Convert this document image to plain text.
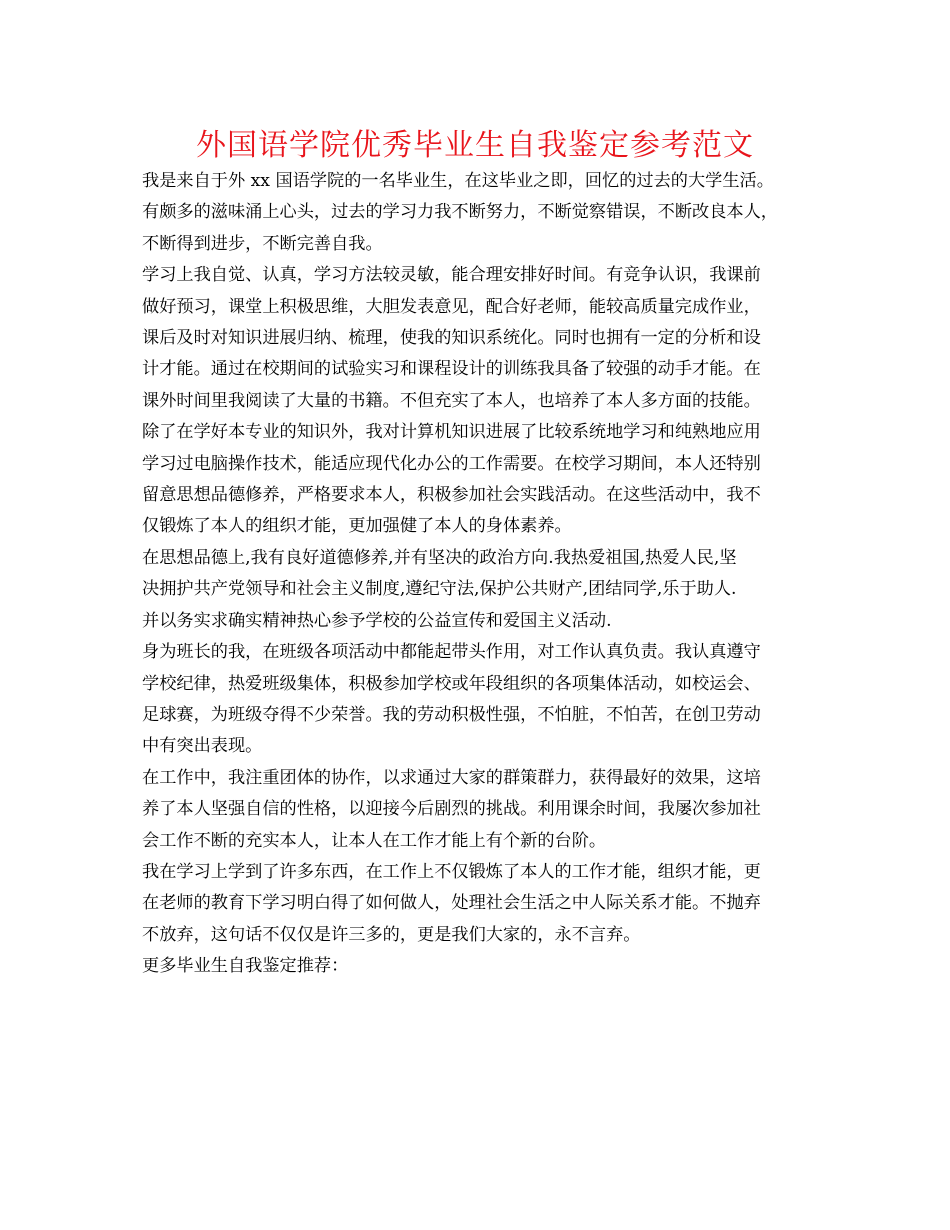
外国语学院优秀毕业生自我鉴定参考范文

我是来自于外 xx 国语学院的一名毕业生，在这毕业之即，回忆的过去的大学生活。
有颇多的滋味涌上心头，过去的学习力我不断努力，不断觉察错误，不断改良本人，
不断得到进步，不断完善自我。

学习上我自觉、认真，学习方法较灵敏，能合理安排好时间。有竞争认识，我课前
做好预习，课堂上积极思维，大胆发表意见，配合好老师，能较高质量完成作业，
课后及时对知识进展归纳、梳理，使我的知识系统化。同时也拥有一定的分析和设
计才能。通过在校期间的试验实习和课程设计的训练我具备了较强的动手才能。在
课外时间里我阅读了大量的书籍。不但充实了本人，也培养了本人多方面的技能。
除了在学好本专业的知识外，我对计算机知识进展了比较系统地学习和纯熟地应用
学习过电脑操作技术，能适应现代化办公的工作需要。在校学习期间，本人还特别
留意思想品德修养，严格要求本人，积极参加社会实践活动。在这些活动中，我不
仅锻炼了本人的组织才能，更加强健了本人的身体素养。

在思想品德上,我有良好道德修养,并有坚决的政治方向.我热爱祖国,热爱人民,坚
决拥护共产党领导和社会主义制度,遵纪守法,保护公共财产,团结同学,乐于助人.
并以务实求确实精神热心参予学校的公益宣传和爱国主义活动.

身为班长的我，在班级各项活动中都能起带头作用，对工作认真负责。我认真遵守
学校纪律，热爱班级集体，积极参加学校或年段组织的各项集体活动，如校运会、
足球赛，为班级夺得不少荣誉。我的劳动积极性强，不怕脏，不怕苦，在创卫劳动
中有突出表现。

在工作中，我注重团体的协作，以求通过大家的群策群力，获得最好的效果，这培
养了本人坚强自信的性格，以迎接今后剧烈的挑战。利用课余时间，我屡次参加社
会工作不断的充实本人，让本人在工作才能上有个新的台阶。

我在学习上学到了许多东西，在工作上不仅锻炼了本人的工作才能，组织才能，更
在老师的教育下学习明白得了如何做人，处理社会生活之中人际关系才能。不抛弃
不放弃，这句话不仅仅是许三多的，更是我们大家的，永不言弃。

更多毕业生自我鉴定推荐：
